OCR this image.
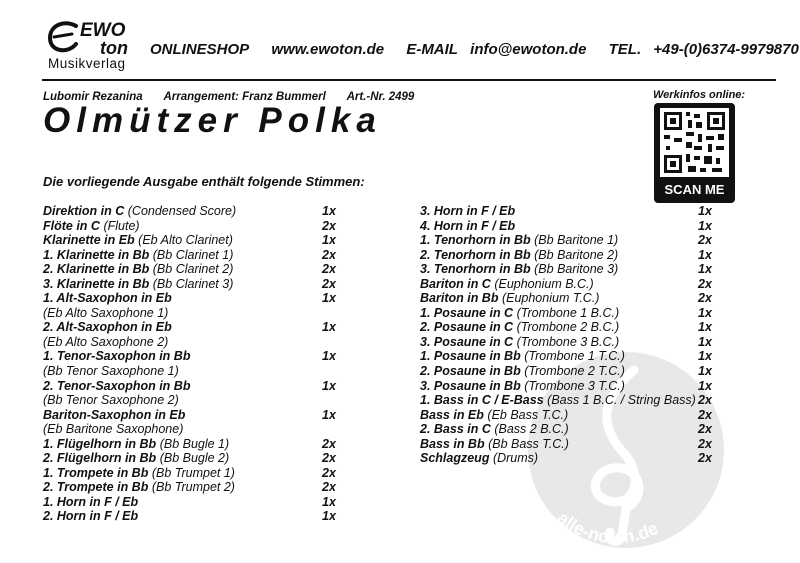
alle-noten.de
EWO
ton
Musikverlag
ONLINESHOP www.ewoton.de E-MAIL info@ewoton.de TEL. +49-(0)6374-9979870
Lubomir Rezanina Arrangement: Franz Bummerl Art.-Nr. 2499
Olmützer Polka
Werkinfos online:
SCAN ME
Die vorliegende Ausgabe enthält folgende Stimmen:
Direktion in C (Condensed Score)	1x
Flöte in C (Flute)	2x
Klarinette in Eb (Eb Alto Clarinet)	1x
1. Klarinette in Bb (Bb Clarinet 1)	2x
2. Klarinette in Bb (Bb Clarinet 2)	2x
3. Klarinette in Bb (Bb Clarinet 3)	2x
1. Alt-Saxophon in Eb	1x
(Eb Alto Saxophone 1)
2. Alt-Saxophon in Eb	1x
(Eb Alto Saxophone 2)
1. Tenor-Saxophon in Bb	1x
(Bb Tenor Saxophone 1)
2. Tenor-Saxophon in Bb	1x
(Bb Tenor Saxophone 2)
Bariton-Saxophon in Eb	1x
(Eb Baritone Saxophone)
1. Flügelhorn in Bb (Bb Bugle 1)	2x
2. Flügelhorn in Bb (Bb Bugle 2)	2x
1. Trompete in Bb (Bb Trumpet 1)	2x
2. Trompete in Bb (Bb Trumpet 2)	2x
1. Horn in F / Eb	1x
2. Horn in F / Eb	1x
3. Horn in F / Eb	1x
4. Horn in F / Eb	1x
1. Tenorhorn in Bb (Bb Baritone 1)	2x
2. Tenorhorn in Bb (Bb Baritone 2)	1x
3. Tenorhorn in Bb (Bb Baritone 3)	1x
Bariton in C (Euphonium B.C.)	2x
Bariton in Bb (Euphonium T.C.)	2x
1. Posaune in C (Trombone 1 B.C.)	1x
2. Posaune in C (Trombone 2 B.C.)	1x
3. Posaune in C (Trombone 3 B.C.)	1x
1. Posaune in Bb (Trombone 1 T.C.)	1x
2. Posaune in Bb (Trombone 2 T.C.)	1x
3. Posaune in Bb (Trombone 3 T.C.)	1x
1. Bass in C / E-Bass (Bass 1 B.C. / String Bass) 2x
Bass in Eb (Eb Bass T.C.)	2x
2. Bass in C (Bass 2 B.C.)	2x
Bass in Bb (Bb Bass T.C.)	2x
Schlagzeug (Drums)	2x
